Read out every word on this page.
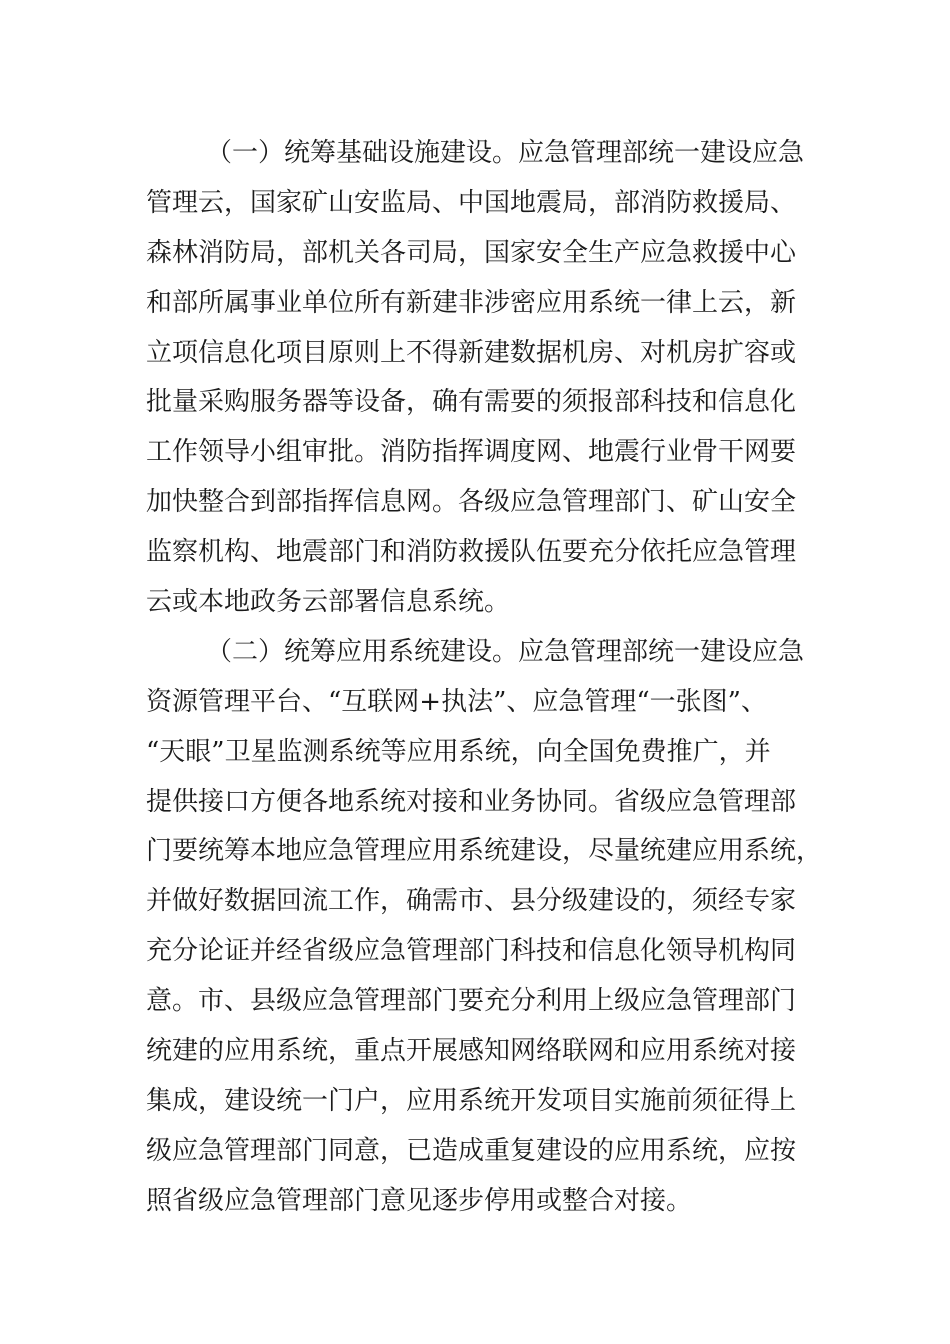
（一）统筹基础设施建设。应急管理部统一建设应急
管理云，国家矿山安监局、中国地震局，部消防救援局、
森林消防局，部机关各司局，国家安全生产应急救援中心
和部所属事业单位所有新建非涉密应用系统一律上云，新
立项信息化项目原则上不得新建数据机房、对机房扩容或
批量采购服务器等设备，确有需要的须报部科技和信息化
工作领导小组审批。消防指挥调度网、地震行业骨干网要
加快整合到部指挥信息网。各级应急管理部门、矿山安全
监察机构、地震部门和消防救援队伍要充分依托应急管理
云或本地政务云部署信息系统。
（二）统筹应用系统建设。应急管理部统一建设应急
资源管理平台、“互联网+执法”、应急管理“一张图”、
“天眼”卫星监测系统等应用系统，向全国免费推广，并
提供接口方便各地系统对接和业务协同。省级应急管理部
门要统筹本地应急管理应用系统建设，尽量统建应用系统，
并做好数据回流工作，确需市、县分级建设的，须经专家
充分论证并经省级应急管理部门科技和信息化领导机构同
意。市、县级应急管理部门要充分利用上级应急管理部门
统建的应用系统，重点开展感知网络联网和应用系统对接
集成，建设统一门户，应用系统开发项目实施前须征得上
级应急管理部门同意，已造成重复建设的应用系统，应按
照省级应急管理部门意见逐步停用或整合对接。
